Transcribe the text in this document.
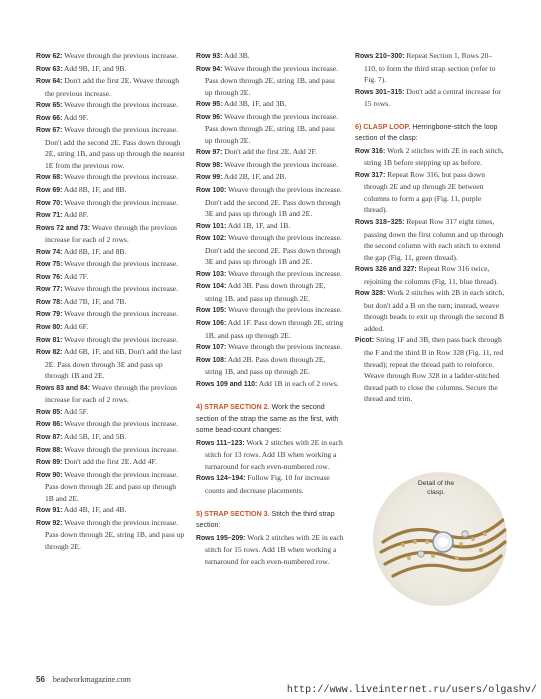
Row 62: Weave through the previous increase.

Row 63: Add 9B, 1F, and 9B.

Row 64: Don't add the first 2E. Weave through the previous increase.

Row 65: Weave through the previous increase.

Row 66: Add 9F.

Row 67: Weave through the previous increase. Don't add the second 2E. Pass down through 2E, string 1B, and pass up through the nearest 1E from the previous row.

Row 68: Weave through the previous increase.

Row 69: Add 8B, 1F, and 8B.

Row 70: Weave through the previous increase.

Row 71: Add 8F.

Rows 72 and 73: Weave through the previous increase for each of 2 rows.

Row 74: Add 8B, 1F, and 8B.

Row 75: Weave through the previous increase.

Row 76: Add 7F.

Row 77: Weave through the previous increase.

Row 78: Add 7B, 1F, and 7B.

Row 79: Weave through the previous increase.

Row 80: Add 6F.

Row 81: Weave through the previous increase.

Row 82: Add 6B, 1F, and 6B. Don't add the last 2E. Pass down through 3E and pass up through 1B and 2E.

Rows 83 and 84: Weave through the previous increase for each of 2 rows.

Row 85: Add 5F.

Row 86: Weave through the previous increase.

Row 87: Add 5B, 1F, and 5B.

Row 88: Weave through the previous increase.

Row 89: Don't add the first 2E. Add 4F.

Row 90: Weave through the previous increase. Pass down through 2E and pass up through 1B and 2E.

Row 91: Add 4B, 1F, and 4B.

Row 92: Weave through the previous increase. Pass down through 2E, string 1B, and pass up through 2E.

Row 93: Add 3B.

Row 94: Weave through the previous increase. Pass down through 2E, string 1B, and pass up through 2E.

Row 95: Add 3B, 1F, and 3B.

Row 96: Weave through the previous increase. Pass down through 2E, string 1B, and pass up through 2E.

Row 97: Don't add the first 2E. Add 2F.

Row 98: Weave through the previous increase.

Row 99: Add 2B, 1F, and 2B.

Row 100: Weave through the previous increase. Don't add the second 2E. Pass down through 3E and pass up through 1B and 2E.

Row 101: Add 1B, 1F, and 1B.

Row 102: Weave through the previous increase. Don't add the second 2E. Pass down through 3E and pass up through 1B and 2E.

Row 103: Weave through the previous increase.

Row 104: Add 3B. Pass down through 2E, string 1B, and pass up through 2E.

Row 105: Weave through the previous increase.

Row 106: Add 1F. Pass down through 2E, string 1B, and pass up through 2E.

Row 107: Weave through the previous increase.

Row 108: Add 2B. Pass down through 2E, string 1B, and pass up through 2E.

Rows 109 and 110: Add 1B in each of 2 rows.

4) STRAP SECTION 2. Work the second section of the strap the same as the first, with some bead-count changes:

Rows 111–123: Work 2 stitches with 2E in each stitch for 13 rows. Add 1B when working a turnaround for each even-numbered row.

Rows 124–194: Follow Fig. 10 for increase counts and decrease placements.

5) STRAP SECTION 3. Stitch the third strap section:

Rows 195–209: Work 2 stitches with 2E in each stitch for 15 rows. Add 1B when working a turnaround for each even-numbered row.

Rows 210–300: Repeat Section 1, Rows 20–110, to form the third strap section (refer to Fig. 7).

Rows 301–315: Don't add a central increase for 15 rows.

6) CLASP LOOP. Herringbone-stitch the loop section of the clasp:

Row 316: Work 2 stitches with 2E in each stitch, string 1B before stepping up as before.

Row 317: Repeat Row 316, but pass down through 2E and up through 2E between columns to form a gap (Fig. 11, purple thread).

Rows 318–325: Repeat Row 317 eight times, passing down the first column and up through the second column with each stitch to extend the gap (Fig. 11, green thread).

Rows 326 and 327: Repeat Row 316 twice, rejoining the columns (Fig. 11, blue thread).

Row 328: Work 2 stitches with 2B in each stitch, but don't add a B on the turn; instead, weave through beads to exit up through the second B added.

Picot: String 1F and 3B, then pass back through the F and the third B in Row 328 (Fig. 11, red thread); repeat the thread path to reinforce. Weave through Row 328 in a ladder-stitched thread path to close the columns. Secure the thread and trim.

Detail of the clasp.
56 beadworkmagazine.com
http://www.liveinternet.ru/users/olgashv/
